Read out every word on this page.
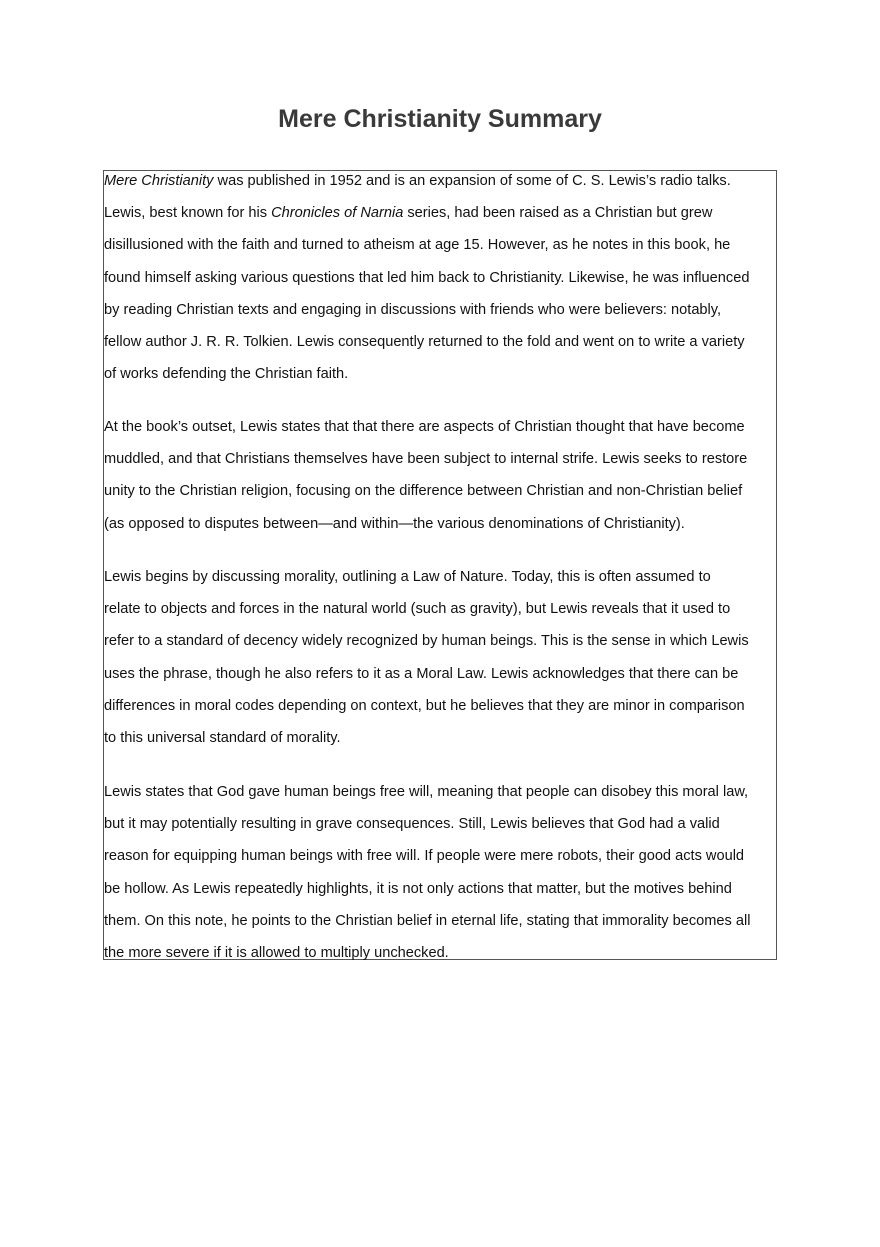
Mere Christianity Summary

Mere Christianity was published in 1952 and is an expansion of some of C. S. Lewis’s radio talks.
Lewis, best known for his Chronicles of Narnia series, had been raised as a Christian but grew
disillusioned with the faith and turned to atheism at age 15. However, as he notes in this book, he
found himself asking various questions that led him back to Christianity. Likewise, he was influenced
by reading Christian texts and engaging in discussions with friends who were believers: notably,
fellow author J. R. R. Tolkien. Lewis consequently returned to the fold and went on to write a variety
of works defending the Christian faith.

At the book’s outset, Lewis states that that there are aspects of Christian thought that have become
muddled, and that Christians themselves have been subject to internal strife. Lewis seeks to restore
unity to the Christian religion, focusing on the difference between Christian and non-Christian belief
(as opposed to disputes between—and within—the various denominations of Christianity).

Lewis begins by discussing morality, outlining a Law of Nature. Today, this is often assumed to
relate to objects and forces in the natural world (such as gravity), but Lewis reveals that it used to
refer to a standard of decency widely recognized by human beings. This is the sense in which Lewis
uses the phrase, though he also refers to it as a Moral Law. Lewis acknowledges that there can be
differences in moral codes depending on context, but he believes that they are minor in comparison
to this universal standard of morality.

Lewis states that God gave human beings free will, meaning that people can disobey this moral law,
but it may potentially resulting in grave consequences. Still, Lewis believes that God had a valid
reason for equipping human beings with free will. If people were mere robots, their good acts would
be hollow. As Lewis repeatedly highlights, it is not only actions that matter, but the motives behind
them. On this note, he points to the Christian belief in eternal life, stating that immorality becomes all
the more severe if it is allowed to multiply unchecked.
